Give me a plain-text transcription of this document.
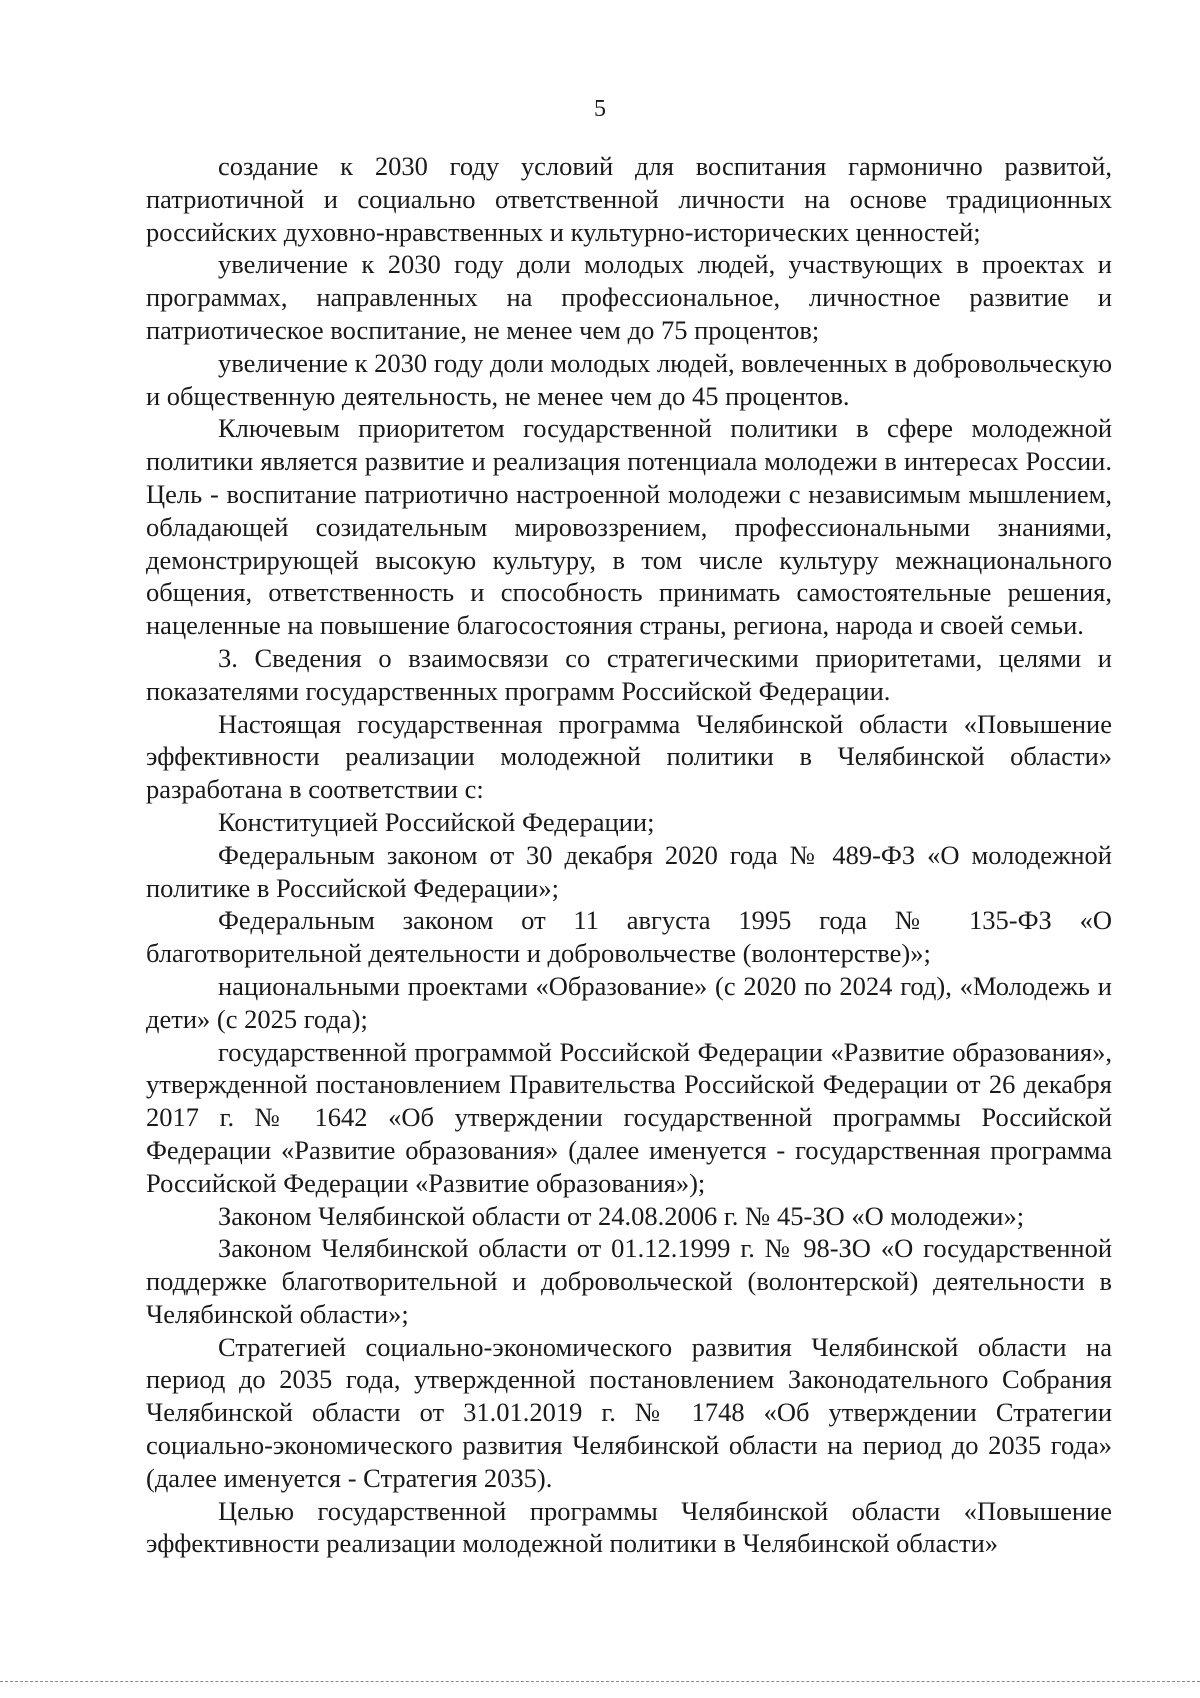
5

создание к 2030 году условий для воспитания гармонично развитой, патриотичной и социально ответственной личности на основе традиционных российских духовно-нравственных и культурно-исторических ценностей;

увеличение к 2030 году доли молодых людей, участвующих в проектах и программах, направленных на профессиональное, личностное развитие и патриотическое воспитание, не менее чем до 75 процентов;

увеличение к 2030 году доли молодых людей, вовлеченных в добровольческую и общественную деятельность, не менее чем до 45 процентов.

Ключевым приоритетом государственной политики в сфере молодежной политики является развитие и реализация потенциала молодежи в интересах России. Цель - воспитание патриотично настроенной молодежи с независимым мышлением, обладающей созидательным мировоззрением, профессиональными знаниями, демонстрирующей высокую культуру, в том числе культуру межнационального общения, ответственность и способность принимать самостоятельные решения, нацеленные на повышение благосостояния страны, региона, народа и своей семьи.

3. Сведения о взаимосвязи со стратегическими приоритетами, целями и показателями государственных программ Российской Федерации.

Настоящая государственная программа Челябинской области «Повышение эффективности реализации молодежной политики в Челябинской области» разработана в соответствии с:

Конституцией Российской Федерации;

Федеральным законом от 30 декабря 2020 года № 489-ФЗ «О молодежной политике в Российской Федерации»;

Федеральным законом от 11 августа 1995 года № 135-ФЗ «О благотворительной деятельности и добровольчестве (волонтерстве)»;

национальными проектами «Образование» (с 2020 по 2024 год), «Молодежь и дети» (с 2025 года);

государственной программой Российской Федерации «Развитие образования», утвержденной постановлением Правительства Российской Федерации от 26 декабря 2017 г. № 1642 «Об утверждении государственной программы Российской Федерации «Развитие образования» (далее именуется - государственная программа Российской Федерации «Развитие образования»);

Законом Челябинской области от 24.08.2006 г. № 45-ЗО «О молодежи»;

Законом Челябинской области от 01.12.1999 г. № 98-ЗО «О государственной поддержке благотворительной и добровольческой (волонтерской) деятельности в Челябинской области»;

Стратегией социально-экономического развития Челябинской области на период до 2035 года, утвержденной постановлением Законодательного Собрания Челябинской области от 31.01.2019 г. № 1748 «Об утверждении Стратегии социально-экономического развития Челябинской области на период до 2035 года» (далее именуется - Стратегия 2035).

Целью государственной программы Челябинской области «Повышение эффективности реализации молодежной политики в Челябинской области»
